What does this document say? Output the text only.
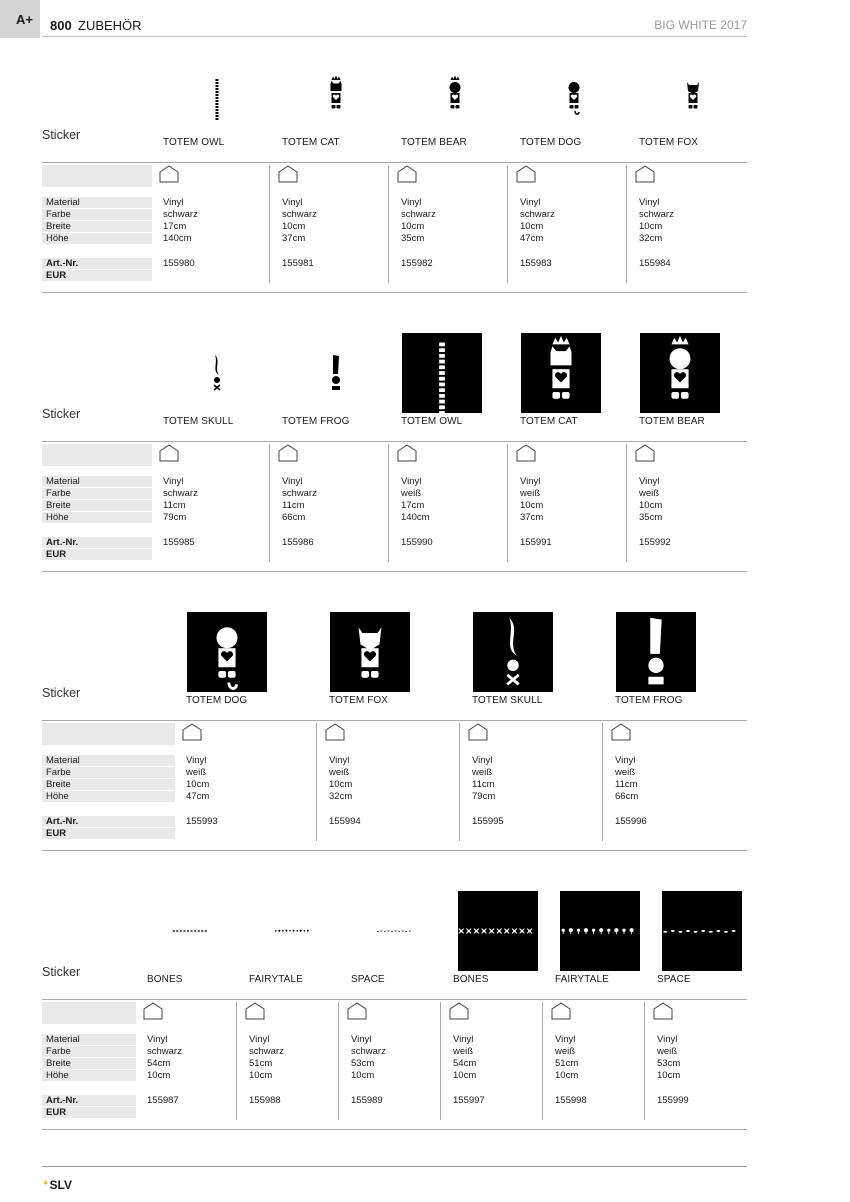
A+ 800 ZUBEHÖR	BIG WHITE 2017
Sticker
TOTEM OWL
Vinyl
schwarz
17cm
140cm
155980
TOTEM CAT
Vinyl
schwarz
10cm
37cm
155981
TOTEM BEAR
Vinyl
schwarz
10cm
35cm
155982
TOTEM DOG
Vinyl
schwarz
10cm
47cm
155983
TOTEM FOX
Vinyl
schwarz
10cm
32cm
155984
Material
Farbe
Breite
Höhe
Art.-Nr.
EUR
Sticker
TOTEM SKULL
Vinyl
schwarz
11cm
79cm
155985
TOTEM FROG
Vinyl
schwarz
11cm
66cm
155986
TOTEM OWL
Vinyl
weiß
17cm
140cm
155990
TOTEM CAT
Vinyl
weiß
10cm
37cm
155991
TOTEM BEAR
Vinyl
weiß
10cm
35cm
155992
Material
Farbe
Breite
Höhe
Art.-Nr.
EUR
Sticker
TOTEM DOG
Vinyl
weiß
10cm
47cm
155993
TOTEM FOX
Vinyl
weiß
10cm
32cm
155994
TOTEM SKULL
Vinyl
weiß
11cm
79cm
155995
TOTEM FROG
Vinyl
weiß
11cm
66cm
155996
Material
Farbe
Breite
Höhe
Art.-Nr.
EUR
Sticker
BONES
Vinyl
schwarz
54cm
10cm
155987
FAIRYTALE
Vinyl
schwarz
51cm
10cm
155988
SPACE
Vinyl
schwarz
53cm
10cm
155989
BONES
Vinyl
weiß
54cm
10cm
155997
FAIRYTALE
Vinyl
weiß
51cm
10cm
155998
SPACE
Vinyl
weiß
53cm
10cm
155999
Material
Farbe
Breite
Höhe
Art.-Nr.
EUR
✶SLV
